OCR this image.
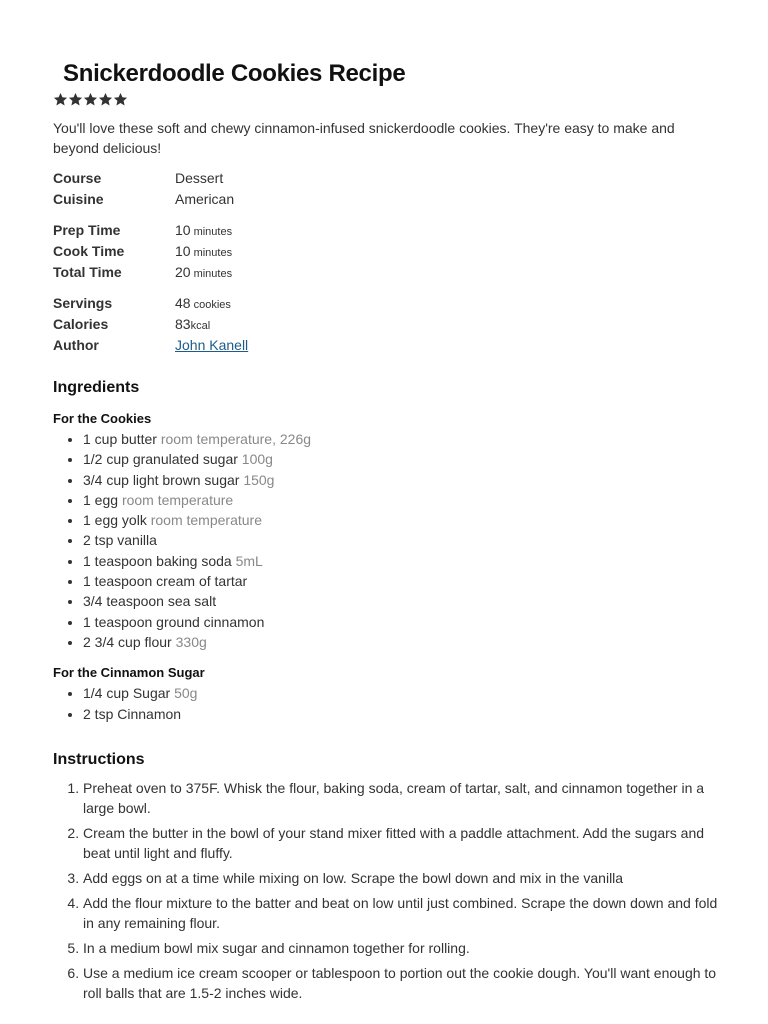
Snickerdoodle Cookies Recipe
You'll love these soft and chewy cinnamon-infused snickerdoodle cookies. They're easy to make and beyond delicious!
Course	Dessert
Cuisine	American
Prep Time	10 minutes
Cook Time	10 minutes
Total Time	20 minutes
Servings	48 cookies
Calories	83kcal
Author	John Kanell
Ingredients
For the Cookies
• 1 cup butter room temperature, 226g
• 1/2 cup granulated sugar 100g
• 3/4 cup light brown sugar 150g
• 1 egg room temperature
• 1 egg yolk room temperature
• 2 tsp vanilla
• 1 teaspoon baking soda 5mL
• 1 teaspoon cream of tartar
• 3/4 teaspoon sea salt
• 1 teaspoon ground cinnamon
• 2 3/4 cup flour 330g
For the Cinnamon Sugar
• 1/4 cup Sugar 50g
• 2 tsp Cinnamon
Instructions
1. Preheat oven to 375F. Whisk the flour, baking soda, cream of tartar, salt, and cinnamon together in a large bowl.
2. Cream the butter in the bowl of your stand mixer fitted with a paddle attachment. Add the sugars and beat until light and fluffy.
3. Add eggs on at a time while mixing on low. Scrape the bowl down and mix in the vanilla
4. Add the flour mixture to the batter and beat on low until just combined. Scrape the down down and fold in any remaining flour.
5. In a medium bowl mix sugar and cinnamon together for rolling.
6. Use a medium ice cream scooper or tablespoon to portion out the cookie dough. You'll want enough to roll balls that are 1.5-2 inches wide.
